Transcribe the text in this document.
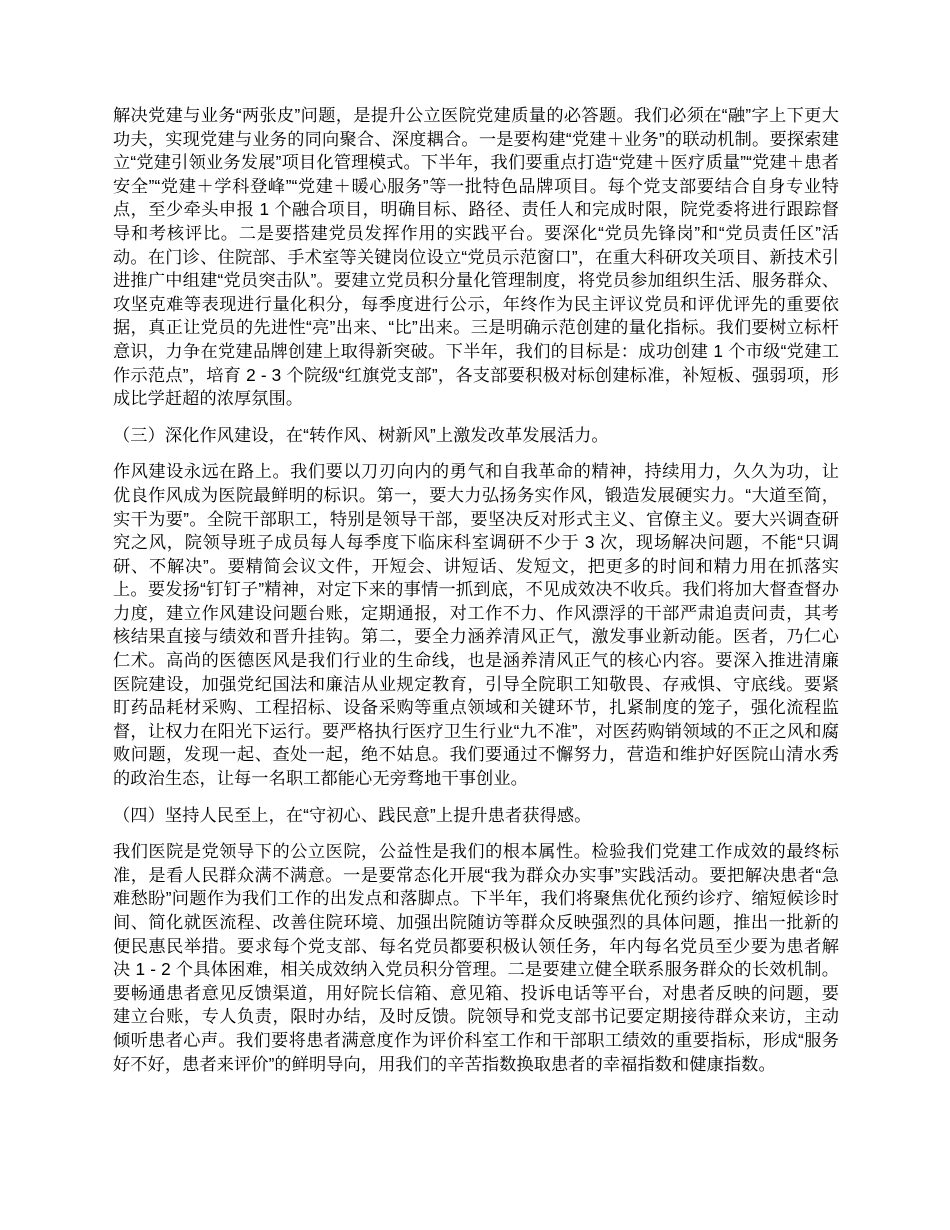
解决党建与业务“两张皮”问题，是提升公立医院党建质量的必答题。我们必须在“融”字上下更大功夫，实现党建与业务的同向聚合、深度耦合。一是要构建“党建＋业务”的联动机制。要探索建立“党建引领业务发展”项目化管理模式。下半年，我们要重点打造“党建＋医疗质量”“党建＋患者安全”“党建＋学科登峰”“党建＋暖心服务”等一批特色品牌项目。每个党支部要结合自身专业特点，至少牵头申报 1 个融合项目，明确目标、路径、责任人和完成时限，院党委将进行跟踪督导和考核评比。二是要搭建党员发挥作用的实践平台。要深化“党员先锋岗”和“党员责任区”活动。在门诊、住院部、手术室等关键岗位设立“党员示范窗口”，在重大科研攻关项目、新技术引进推广中组建“党员突击队”。要建立党员积分量化管理制度，将党员参加组织生活、服务群众、攻坚克难等表现进行量化积分，每季度进行公示，年终作为民主评议党员和评优评先的重要依据，真正让党员的先进性“亮”出来、“比”出来。三是明确示范创建的量化指标。我们要树立标杆意识，力争在党建品牌创建上取得新突破。下半年，我们的目标是：成功创建 1 个市级“党建工作示范点”，培育 2 - 3 个院级“红旗党支部”，各支部要积极对标创建标准，补短板、强弱项，形成比学赶超的浓厚氛围。

（三）深化作风建设，在“转作风、树新风”上激发改革发展活力。

作风建设永远在路上。我们要以刀刃向内的勇气和自我革命的精神，持续用力，久久为功，让优良作风成为医院最鲜明的标识。第一，要大力弘扬务实作风，锻造发展硬实力。“大道至简，实干为要”。全院干部职工，特别是领导干部，要坚决反对形式主义、官僚主义。要大兴调查研究之风，院领导班子成员每人每季度下临床科室调研不少于 3 次，现场解决问题，不能“只调研、不解决”。要精简会议文件，开短会、讲短话、发短文，把更多的时间和精力用在抓落实上。要发扬“钉钉子”精神，对定下来的事情一抓到底，不见成效决不收兵。我们将加大督查督办力度，建立作风建设问题台账，定期通报，对工作不力、作风漂浮的干部严肃追责问责，其考核结果直接与绩效和晋升挂钩。第二，要全力涵养清风正气，激发事业新动能。医者，乃仁心仁术。高尚的医德医风是我们行业的生命线，也是涵养清风正气的核心内容。要深入推进清廉医院建设，加强党纪国法和廉洁从业规定教育，引导全院职工知敬畏、存戒惧、守底线。要紧盯药品耗材采购、工程招标、设备采购等重点领域和关键环节，扎紧制度的笼子，强化流程监督，让权力在阳光下运行。要严格执行医疗卫生行业“九不准”，对医药购销领域的不正之风和腐败问题，发现一起、查处一起，绝不姑息。我们要通过不懈努力，营造和维护好医院山清水秀的政治生态，让每一名职工都能心无旁骛地干事创业。

（四）坚持人民至上，在“守初心、践民意”上提升患者获得感。

我们医院是党领导下的公立医院，公益性是我们的根本属性。检验我们党建工作成效的最终标准，是看人民群众满不满意。一是要常态化开展“我为群众办实事”实践活动。要把解决患者“急难愁盼”问题作为我们工作的出发点和落脚点。下半年，我们将聚焦优化预约诊疗、缩短候诊时间、简化就医流程、改善住院环境、加强出院随访等群众反映强烈的具体问题，推出一批新的便民惠民举措。要求每个党支部、每名党员都要积极认领任务，年内每名党员至少要为患者解决 1 - 2 个具体困难，相关成效纳入党员积分管理。二是要建立健全联系服务群众的长效机制。要畅通患者意见反馈渠道，用好院长信箱、意见箱、投诉电话等平台，对患者反映的问题，要建立台账，专人负责，限时办结，及时反馈。院领导和党支部书记要定期接待群众来访，主动倾听患者心声。我们要将患者满意度作为评价科室工作和干部职工绩效的重要指标，形成“服务好不好，患者来评价”的鲜明导向，用我们的辛苦指数换取患者的幸福指数和健康指数。
